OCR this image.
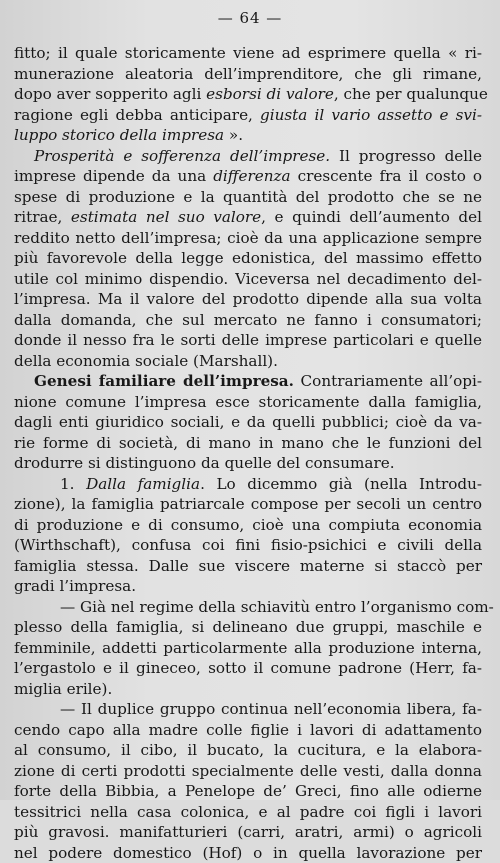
— 64 —
fitto; il quale storicamente viene ad esprimere quella « ri-
munerazione aleatoria dell’imprenditore, che gli rimane,
dopo aver sopperito agli esborsi di valore, che per qualunque
ragione egli debba anticipare, giusta il vario assetto e svi-
luppo storico della impresa ».
Prosperità e sofferenza dell’imprese. Il progresso delle
imprese dipende da una differenza crescente fra il costo o
spese di produzione e la quantità del prodotto che se ne
ritrae, estimata nel suo valore, e quindi dell’aumento del
reddito netto dell’impresa; cioè da una applicazione sempre
più favorevole della legge edonistica, del massimo effetto
utile col minimo dispendio. Viceversa nel decadimento del-
l’impresa. Ma il valore del prodotto dipende alla sua volta
dalla domanda, che sul mercato ne fanno i consumatori;
donde il nesso fra le sorti delle imprese particolari e quelle
della economia sociale (Marshall).
Genesi familiare dell’impresa. Contrariamente all’opi-
nione comune l’impresa esce storicamente dalla famiglia,
dagli enti giuridico sociali, e da quelli pubblici; cioè da va-
rie forme di società, di mano in mano che le funzioni del
drodurre si distinguono da quelle del consumare.
1. Dalla famiglia. Lo dicemmo già (nella Introdu-
zione), la famiglia patriarcale compose per secoli un centro
di produzione e di consumo, cioè una compiuta economia
(Wirthschaft), confusa coi fini fisio-psichici e civili della
famiglia stessa. Dalle sue viscere materne si staccò per
gradi l’impresa.
— Già nel regime della schiavitù entro l’organismo com-
plesso della famiglia, si delineano due gruppi, maschile e
femminile, addetti particolarmente alla produzione interna,
l’ergastolo e il gineceo, sotto il comune padrone (Herr, fa-
miglia erile).
— Il duplice gruppo continua nell’economia libera, fa-
cendo capo alla madre colle figlie i lavori di adattamento
al consumo, il cibo, il bucato, la cucitura, e la elabora-
zione di certi prodotti specialmente delle vesti, dalla donna
forte della Bibbia, a Penelope de’ Greci, fino alle odierne
tessitrici nella casa colonica, e al padre coi figli i lavori
più gravosi. manifatturieri (carri, aratri, armi) o agricoli
nel podere domestico (Hof) o in quella lavorazione per
